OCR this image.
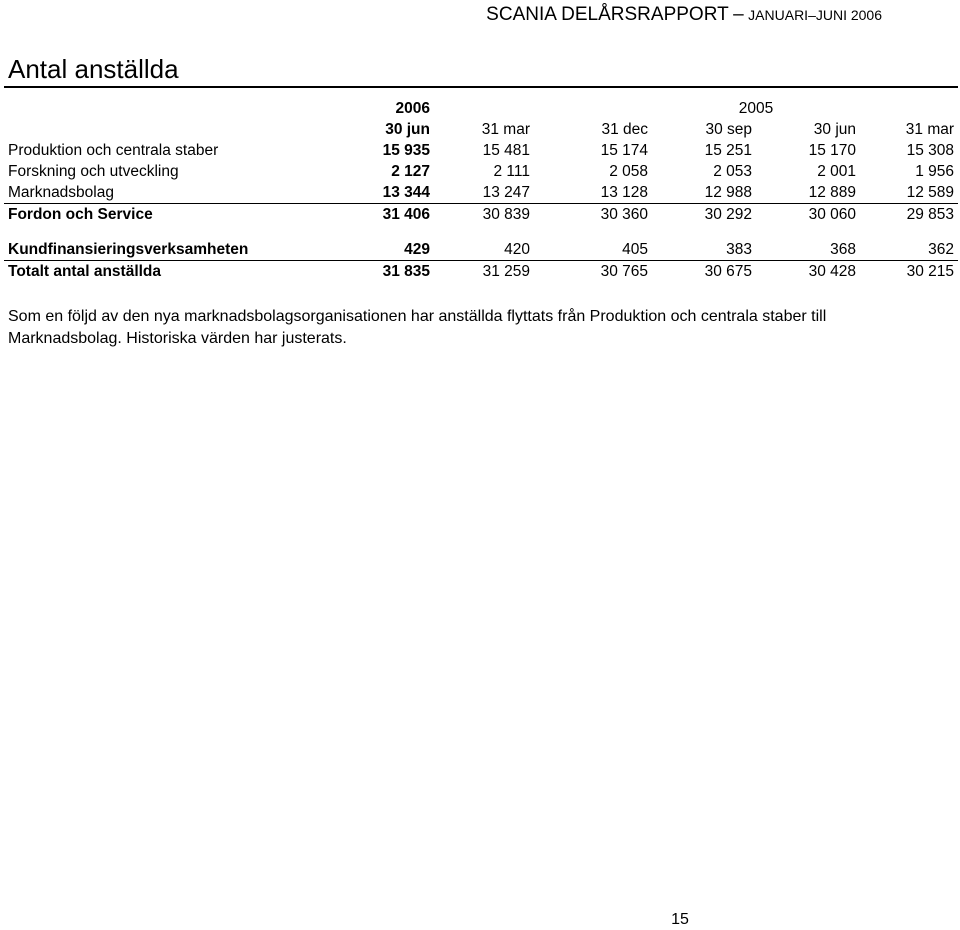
SCANIA DELÅRSRAPPORT – JANUARI–JUNI 2006
Antal anställda
	2006			2005		
	30 jun	31 mar	31 dec	30 sep	30 jun	31 mar
Produktion och centrala staber	15 935	15 481	15 174	15 251	15 170	15 308
Forskning och utveckling	2 127	2 111	2 058	2 053	2 001	1 956
Marknadsbolag	13 344	13 247	13 128	12 988	12 889	12 589
Fordon och Service	31 406	30 839	30 360	30 292	30 060	29 853

Kundfinansieringsverksamheten	429	420	405	383	368	362
Totalt antal anställda	31 835	31 259	30 765	30 675	30 428	30 215
Som en följd av den nya marknadsbolagsorganisationen har anställda flyttats från Produktion och centrala staber till Marknadsbolag. Historiska värden har justerats.
15
